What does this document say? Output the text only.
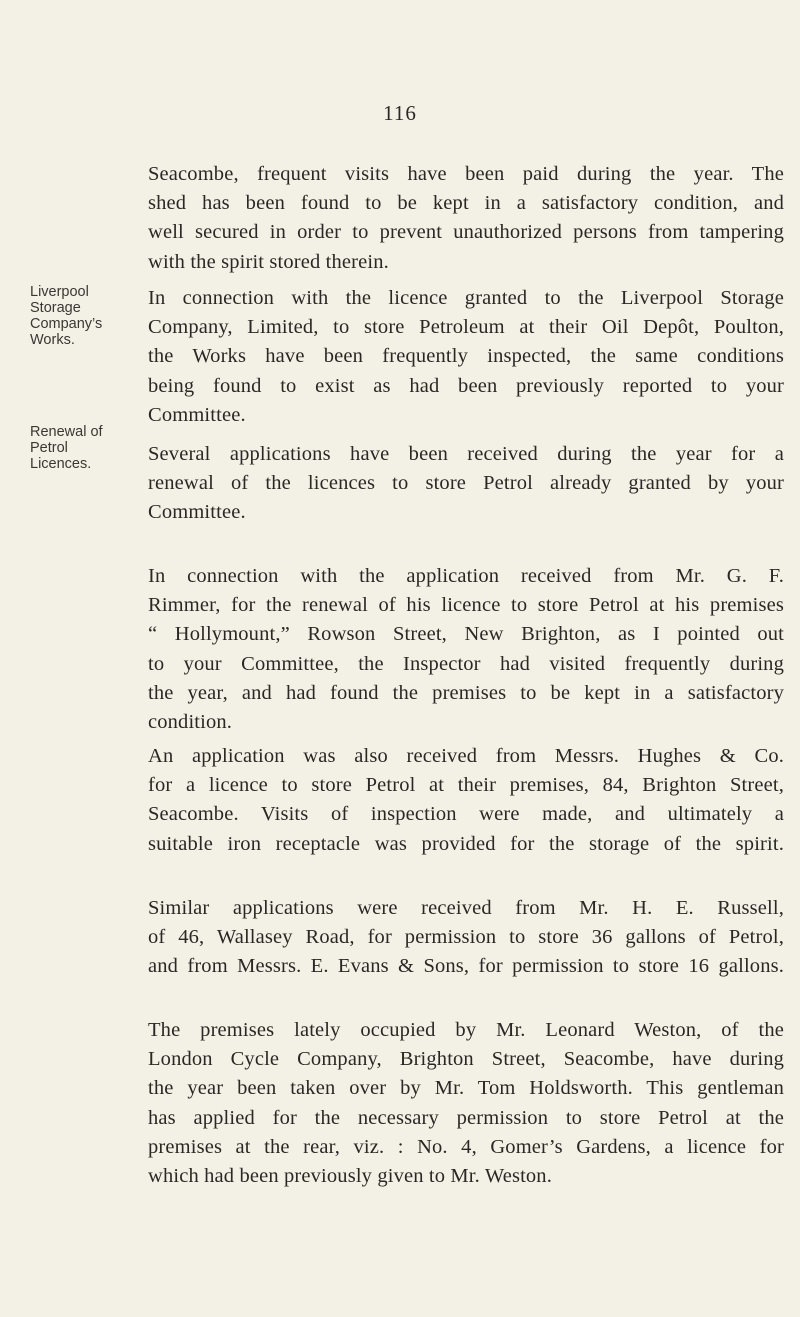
116
Liverpool
Storage
Company’s
Works.
Renewal of
Petrol
Licences.
Seacombe, frequent visits have been paid during the year. The
shed has been found to be kept in a satisfactory condition, and
well secured in order to prevent unauthorized persons from tampering
with the spirit stored therein.
In connection with the licence granted to the Liverpool Storage
Company, Limited, to store Petroleum at their Oil Depôt, Poulton,
the Works have been frequently inspected, the same conditions
being found to exist as had been previously reported to your
Committee.
Several applications have been received during the year for a
renewal of the licences to store Petrol already granted by your
Committee.
In connection with the application received from Mr. G. F.
Rimmer, for the renewal of his licence to store Petrol at his premises
“ Hollymount,” Rowson Street, New Brighton, as I pointed out
to your Committee, the Inspector had visited frequently during
the year, and had found the premises to be kept in a satisfactory
condition.
An application was also received from Messrs. Hughes & Co.
for a licence to store Petrol at their premises, 84, Brighton Street,
Seacombe. Visits of inspection were made, and ultimately a
suitable iron receptacle was provided for the storage of the spirit.
Similar applications were received from Mr. H. E. Russell,
of 46, Wallasey Road, for permission to store 36 gallons of Petrol,
and from Messrs. E. Evans & Sons, for permission to store 16 gallons.
The premises lately occupied by Mr. Leonard Weston, of the
London Cycle Company, Brighton Street, Seacombe, have during
the year been taken over by Mr. Tom Holdsworth. This gentleman
has applied for the necessary permission to store Petrol at the
premises at the rear, viz. : No. 4, Gomer’s Gardens, a licence for
which had been previously given to Mr. Weston.
